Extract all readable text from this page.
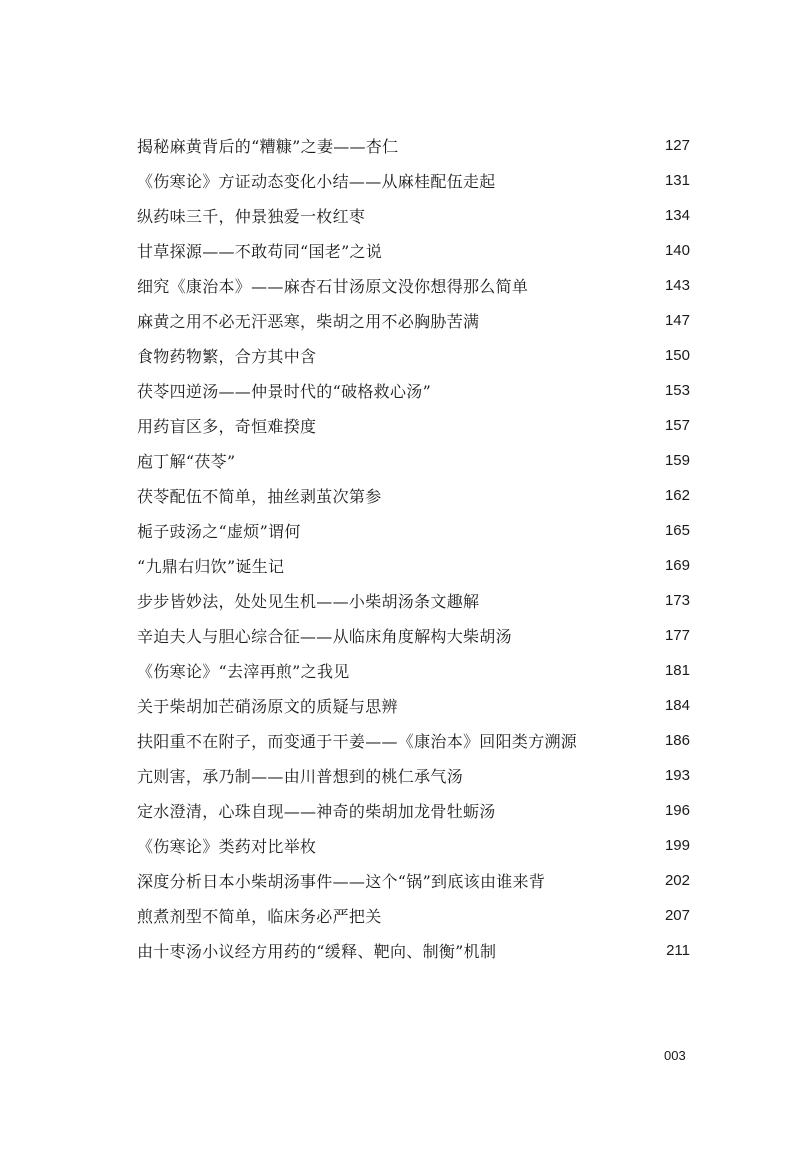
揭秘麻黄背后的“糟糠”之妻——杏仁	127
《伤寒论》方证动态变化小结——从麻桂配伍走起	131
纵药味三千，仲景独爱一枚红枣	134
甘草探源——不敢苟同“国老”之说	140
细究《康治本》——麻杏石甘汤原文没你想得那么简单	143
麻黄之用不必无汗恶寒，柴胡之用不必胸胁苦满	147
食物药物繁，合方其中含	150
茯苓四逆汤——仲景时代的“破格救心汤”	153
用药盲区多，奇恒难揆度	157
庖丁解“茯苓”	159
茯苓配伍不简单，抽丝剥茧次第参	162
栀子豉汤之“虚烦”谓何	165
“九鼎右归饮”诞生记	169
步步皆妙法，处处见生机——小柴胡汤条文趣解	173
辛迫夫人与胆心综合征——从临床角度解构大柴胡汤	177
《伤寒论》“去滓再煎”之我见	181
关于柴胡加芒硝汤原文的质疑与思辨	184
扶阳重不在附子，而变通于干姜——《康治本》回阳类方溯源	186
亢则害，承乃制——由川普想到的桃仁承气汤	193
定水澄清，心珠自现——神奇的柴胡加龙骨牡蛎汤	196
《伤寒论》类药对比举枚	199
深度分析日本小柴胡汤事件——这个“锅”到底该由谁来背	202
煎煮剂型不简单，临床务必严把关	207
由十枣汤小议经方用药的“缓释、靶向、制衡”机制	211
003
